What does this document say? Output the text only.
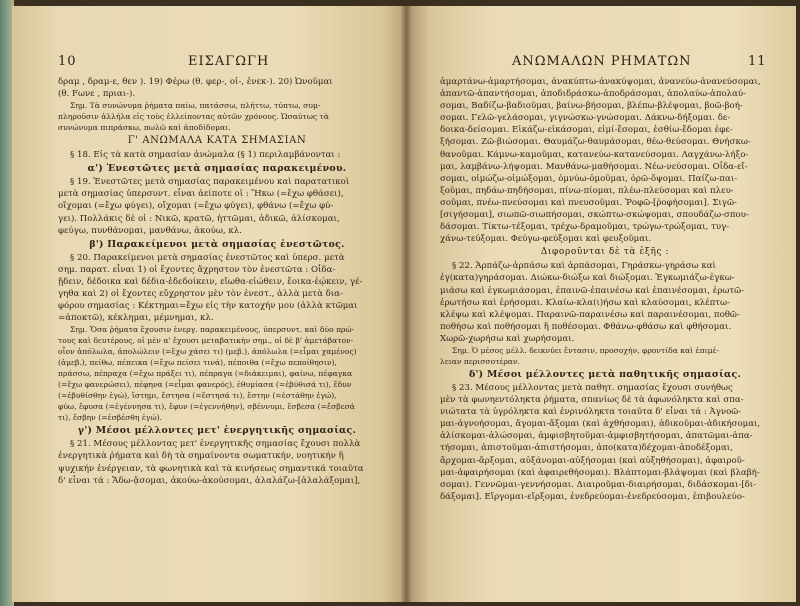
10	ΕΙΣΑΓΩΓΗ
δραμ , δραμ-ε, θεν ). 19) Φέρω (θ. φερ-, οἰ-, ἐνεκ-). 20) Ὠνοῦμαι
(θ. Fωνε , πριαι-).
Σημ. Τὰ συνώνυμα ῥήματα παίω, πατάσσω, πλήττω, τύπτω, συμ-
πληροῦσιν ἀλλήλα εἰς τοὺς ἐλλείποντας αὐτῶν χρόνους. Ὡσαύτως τὰ
συνώνυμα πιπράσκω, πωλῶ καὶ ἀποδίδομαι.
Γ' ΑΝΩΜΑΛΑ ΚΑΤΑ ΣΗΜΑΣΙΑΝ
§ 18. Εἰς τὰ κατὰ σημασίαν ἀνώμαλα (§ 1) περιλαμβάνονται :
α') Ἐνεστῶτες μετὰ σημασίας παρακειμένου.
§ 19. Ἐνεστῶτες μετὰ σημασίας παρακειμένου καὶ παρατατικοὶ
μετὰ σημασίας ὑπερσυντ. εἶναι ἀείποτε οἱ : Ἥκω (=ἔχω φθάσει),
οἴχομαι (=ἔχω φύγει), οἴχομαι (=ἔχω φύγει), φθάνω (=ἔχω φύ-
γει). Πολλάκις δὲ οἱ : Νικῶ, κρατῶ, ἡττῶμαι, ἀδικῶ, ἁλίσκομαι,
φεύγω, πυνθάνομαι, μανθάνω, ἀκούω, κλ.
β') Παρακείμενοι μετὰ σημασίας ἐνεστῶτος.
§ 20. Παρακείμενοι μετὰ σημασίας ἐνεστῶτος καὶ ὑπερσ. μετὰ
σημ. παρατ. εἶναι 1) οἱ ἔχοντες ἄχρηστον τὸν ἐνεστῶτα : Οἶδα-
ᾔδειν, δέδοικα καὶ δέδια-ἐδεδοίκειν, εἴωθα-εἰώθειν, ἔοικα-ἐῴκειν, γέ-
γηθα καὶ 2) οἱ ἔχοντες εὔχρηστον μὲν τὸν ἐνεστ., ἀλλὰ μετὰ δια-
φόρου σημασίας : Κέκτημαι=ἔχω εἰς τὴν κατοχήν μου (ἀλλὰ κτῶμαι
=ἀποκτῶ), κέκλημαι, μέμνημαι, κλ.
Σημ. Ὅσα ῥήματα ἔχουσιν ἐνεργ. παρακειμένους, ὑπερσυντ. καὶ δύο πρώ-
τους καὶ δευτέρους, οἱ μὲν α' ἔχουσι μεταβατικὴν σημ., οἱ δὲ β' ἀμετάβατον-
οἷον ἀπόλωλα, ἀπολώλειν (=ἔχω χάσει τι) (μεβ.), ἀπόλωλα (=εἶμαι χαμένος)
(ἀμεβ.), πείθω, πέπεικα (=ἔχω πείσει τινά), πέποιθα (=ἔχω πεποίθησιν),
πράσσω, πέπραχα (=ἔχω πράξει τι), πέπραγα (=διάκειμαι), φαίνω, πέφαγκα
(=ἔχω φανερώσει), πέφηνα (=εἶμαι φανερός), ἐθυμίασα (=ἐβύθισά τι), ἔδυν
(=ἐβυθίσθην ἐγώ), ἵστημι, ἔστησα (=ἔστησά τι), ἔστην (=ἐστάθην ἐγώ),
φύω, ἔφυσα (=ἐγέννησα τι), ἔφυν (=ἐγεννήθην), σβέννυμι, ἔσβεσα (=ἔσβεσά
τι), ἔσβην (=ἐσβέσθη ἐγώ).
γ') Μέσοι μέλλοντες μετ' ἐνεργητικῆς σημασίας.
§ 21. Μέσους μέλλοντας μετ' ἐνεργητικῆς σημασίας ἔχουσι πολλὰ
ἐνεργητικὰ ῥήματα καὶ δὴ τὰ σημαίνοντα σωματικήν, νοητικήν ἢ
ψυχικήν ἐνέργειαν, τὰ φωνητικὰ καὶ τὰ κινήσεως σημαντικά τοιαῦτα
δ' εἶναι τά : Ἄδω-ᾄσομαι, ἀκούω-ἀκούσομαι, ἀλαλάζω-[ἀλαλάξομαι],
ΑΝΩΜΑΛΩΝ ΡΗΜΑΤΩΝ	11
ἁμαρτάνω-ἁμαρτήσομαι, ἀνακύπτω-ἀνακύψομαι, ἀνανεύω-ἀνανεύσομαι,
ἀπαντῶ-ἀπαντήσομαι, ἀποδιδράσκω-ἀποδράσομαι, ἀπολαύω-ἀπολαύ-
σομαι, Βαδίζω-βαδιοῦμαι, βαίνω-βήσομαι, βλέπω-βλέψομαι, βοῶ-βοή-
σομαι. Γελῶ-γελάσομαι, γιγνώσκω-γνώσομαι. Δάκνω-δήξομαι. δε-
δοικα-δείσομαι. Εἰκάζω-εἰκάσομαι, εἰμί-ἔσομαι, ἐσθίω-ἔδομαι ἐφε-
ξήσομαι. Ζῶ-βιώσομαι. Θαυμάζω-θαυμάσομαι, θέω-θεύσομαι. Θνήσκω-
θανοῦμαι. Κάμνω-καμοῦμαι, κατανεύω-κατανεύσομαι. Λαγχάνω-λήξο-
μαι, λαμβάνω-λήψομαι. Μανθάνω-μαθήσομαι. Νέω-νεύσομαι. Οἶδα-εἴ-
σομαι, οἰμώζω-οἰμώξομαι, ὀμνύω-ὀμοῦμαι, ὁρῶ-ὄψομαι. Παίζω-παι-
ξοῦμαι, πηδάω-πηδήσομαι, πίνω-πίομαι, πλέω-πλεύσομαι καὶ πλευ-
σοῦμαι, πνέω-πνεύσομαι καὶ πνευσοῦμαι. Ῥοφῶ-[ῥοφήσομαι]. Σιγῶ-
[σιγήσομαι], σιωπῶ-σιωπήσομαι, σκώπτω-σκώψομαι, σπουδάζω-σπου-
δάσομαι. Τίκτω-τέξομαι, τρέχω-δραμοῦμαι, τρώγω-τρώξομαι, τυγ-
χάνω-τεύξομαι. Φεύγω-φεύξομαι καὶ φευξοῦμαι.
Διφοροῦνται δὲ τὰ ἑξῆς :
§ 22. Ἁρπάζω-ἁρπάσω καὶ ἁρπάσομαι, Γηράσκω-γηράσω καὶ
ἐγ(κατα)γηράσομαι. Διώκω-διώξω καὶ διώξομαι. Ἐγκωμιάζω-ἐγκω-
μιάσω καὶ ἐγκωμιάσομαι, ἐπαινῶ-ἐπαινέσω καὶ ἐπαινέσομαι, ἐρωτῶ-
ἐρωτήσω καὶ ἐρήσομαι. Κλαίω-κλα(ι)ήσω καὶ κλαύσομαι, κλέπτω-
κλέψω καὶ κλέψομαι. Παραινῶ-παραινέσω καὶ παραινέσομαι, ποθῶ-
ποθήσω καὶ ποθήσομαι ἢ ποθέσομαι. Φθάνω-φθάσω καὶ φθήσομαι.
Χωρῶ-χωρήσω καὶ χωρήσομαι.
Σημ. Ὁ μέσος μέλλ. δεικνύει ἔντασιν, προσοχήν, φροντίδα καὶ ἐπιμέ-
λειαν περισσοτέραν.
δ') Μέσοι μέλλοντες μετὰ παθητικῆς σημασίας.
§ 23. Μέσους μέλλοντας μετὰ παθητ. σημασίας ἔχουσι συνήθως
μὲν τὰ φωνηεντόληκτα ῥήματα, σπανίως δὲ τὰ ἀφωνόληκτα καὶ σπα-
νιώτατα τὰ ὑγρόληκτα καὶ ἐνρινόληκτα τοιαῦτα δ' εἶναι τά : Ἀγνοῶ-
μαι-ἀγνοήσομαι, ἄγομαι-ἄξομαι (καὶ ἀχθήσομαι), ἀδικοῦμαι-ἀδικήσομαι,
ἁλίσκομαι-ἁλώσομαι, ἀμφισβητοῦμαι-ἀμφισβητήσομαι, ἀπατῶμαι-ἀπα-
τήσομαι, ἀπιστοῦμαι-ἀπιστήσομαι, ἀπο(κατα)δέχομαι-ἀποδέξομαι,
ἄρχομαι-ἄρξομαι, αὐξάνομαι-αὐξήσομαι (καὶ αὐξηθήσομαι), ἀφαιροῦ-
μαι-ἀφαιρήσομαι (καὶ ἀφαιρεθήσομαι). Βλάπτομαι-βλάψομαι (καὶ βλαβή-
σομαι). Γεννῶμαι-γεννήσομαι. Διαιροῦμαι-διαιρήσομαι, διδάσκομαι-[δι-
δάξομαι]. Εἴργομαι-εἴρξομαι, ἐνεδρεύομαι-ἐνεδρεύσομαι, ἐπιβουλεύο-
